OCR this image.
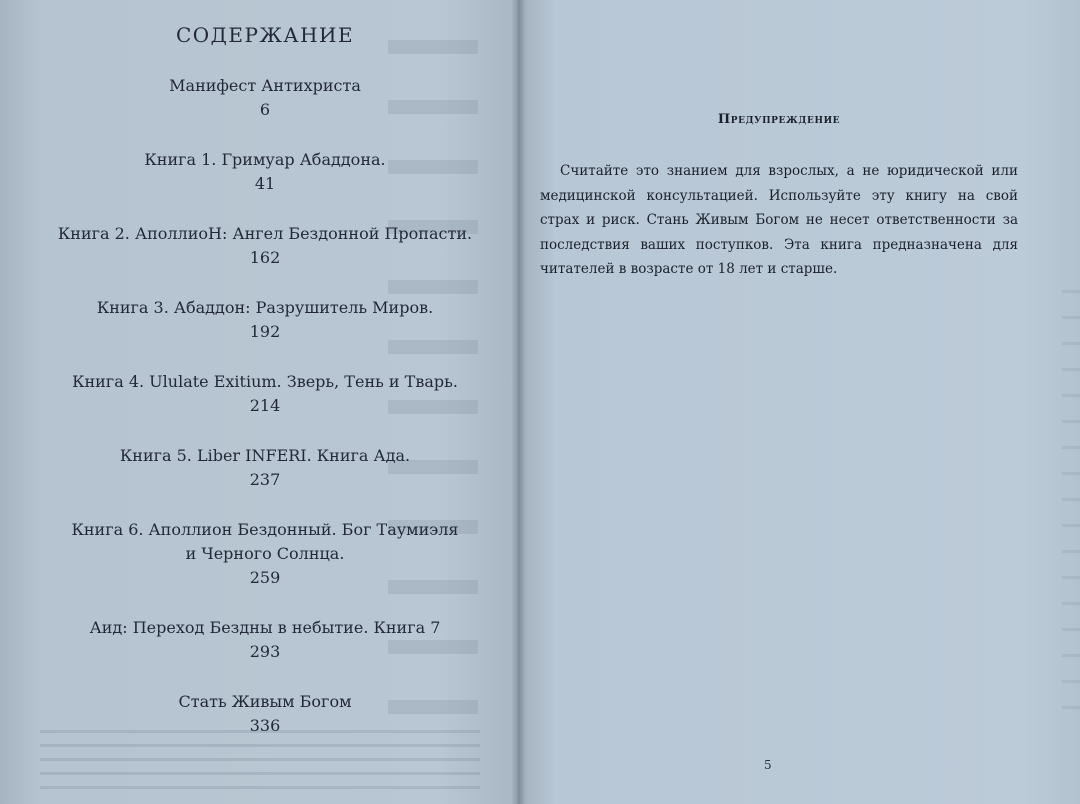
СОДЕРЖАНИЕ
Манифест Антихриста
6
Книга 1. Гримуар Абаддона.
41
Книга 2. АполлиоН: Ангел Бездонной Пропасти.
162
Книга 3. Абаддон: Разрушитель Миров.
192
Книга 4. Ululate Exitium. Зверь, Тень и Тварь.
214
Книга 5. Liber INFERI. Книга Ада.
237
Книга 6. Аполлион Бездонный. Бог Таумиэля
и Черного Солнца.
259
Аид: Переход Бездны в небытие. Книга 7
293
Стать Живым Богом
336
Предупреждение

Считайте это знанием для взрослых, а не юридической или медицинской консультацией. Используйте эту книгу на свой страх и риск. Стань Живым Богом не несет ответственности за последствия ваших поступков. Эта книга предназначена для читателей в возрасте от 18 лет и старше.

5
